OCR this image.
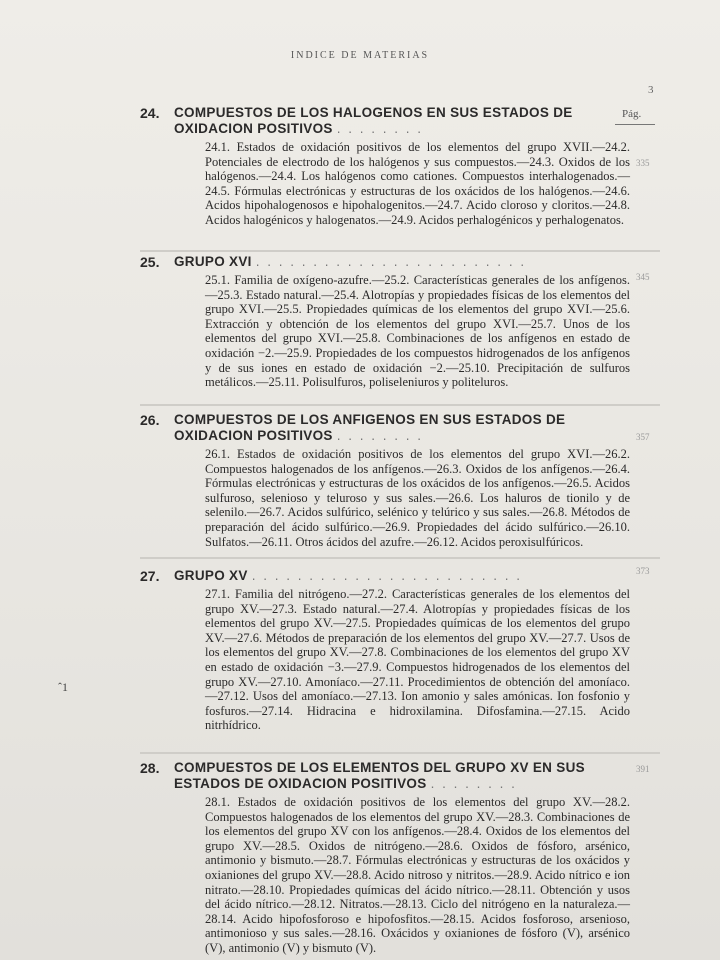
INDICE DE MATERIAS
3
Pág.
24. COMPUESTOS DE LOS HALOGENOS EN SUS ESTADOS DE OXIDACION POSITIVOS . . . . . . . .
24.1. Estados de oxidación positivos de los elementos del grupo XVII.—24.2. Potenciales de electrodo de los halógenos y sus compuestos.—24.3. Oxidos de los halógenos.—24.4. Los halógenos como cationes. Compuestos interhalogenados.—24.5. Fórmulas electrónicas y estructuras de los oxácidos de los halógenos.—24.6. Acidos hipohalogenosos e hipohalogenitos.—24.7. Acido cloroso y cloritos.—24.8. Acidos halogénicos y halogenatos.—24.9. Acidos perhalogénicos y perhalogenatos.
335
25. GRUPO XVI . . . . . . . . . . . . . . . . . . . . . . . .
25.1. Familia de oxígeno-azufre.—25.2. Características generales de los anfígenos.—25.3. Estado natural.—25.4. Alotropías y propiedades físicas de los elementos del grupo XVI.—25.5. Propiedades químicas de los elementos del grupo XVI.—25.6. Extracción y obtención de los elementos del grupo XVI.—25.7. Unos de los elementos del grupo XVI.—25.8. Combinaciones de los anfígenos en estado de oxidación −2.—25.9. Propiedades de los compuestos hidrogenados de los anfígenos y de sus iones en estado de oxidación −2.—25.10. Precipitación de sulfuros metálicos.—25.11. Polisulfuros, poliseleniuros y politeluros.
345
26. COMPUESTOS DE LOS ANFIGENOS EN SUS ESTADOS DE OXIDACION POSITIVOS . . . . . . . .
26.1. Estados de oxidación positivos de los elementos del grupo XVI.—26.2. Compuestos halogenados de los anfígenos.—26.3. Oxidos de los anfígenos.—26.4. Fórmulas electrónicas y estructuras de los oxácidos de los anfígenos.—26.5. Acidos sulfuroso, selenioso y teluroso y sus sales.—26.6. Los haluros de tionilo y de selenilo.—26.7. Acidos sulfúrico, selénico y telúrico y sus sales.—26.8. Métodos de preparación del ácido sulfúrico.—26.9. Propiedades del ácido sulfúrico.—26.10. Sulfatos.—26.11. Otros ácidos del azufre.—26.12. Acidos peroxisulfúricos.
357
27. GRUPO XV . . . . . . . . . . . . . . . . . . . . . . . .
27.1. Familia del nitrógeno.—27.2. Características generales de los elementos del grupo XV.—27.3. Estado natural.—27.4. Alotropías y propiedades físicas de los elementos del grupo XV.—27.5. Propiedades químicas de los elementos del grupo XV.—27.6. Métodos de preparación de los elementos del grupo XV.—27.7. Usos de los elementos del grupo XV.—27.8. Combinaciones de los elementos del grupo XV en estado de oxidación −3.—27.9. Compuestos hidrogenados de los elementos del grupo XV.—27.10. Amoníaco.—27.11. Procedimientos de obtención del amoníaco.—27.12. Usos del amoníaco.—27.13. Ion amonio y sales amónicas. Ion fosfonio y fosfuros.—27.14. Hidracina e hidroxilamina. Difosfamina.—27.15. Acido nitrhídrico.
373
28. COMPUESTOS DE LOS ELEMENTOS DEL GRUPO XV EN SUS ESTADOS DE OXIDACION POSITIVOS . . . . . . . .
28.1. Estados de oxidación positivos de los elementos del grupo XV.—28.2. Compuestos halogenados de los elementos del grupo XV.—28.3. Combinaciones de los elementos del grupo XV con los anfígenos.—28.4. Oxidos de los elementos del grupo XV.—28.5. Oxidos de nitrógeno.—28.6. Oxidos de fósforo, arsénico, antimonio y bismuto.—28.7. Fórmulas electrónicas y estructuras de los oxácidos y oxianiones del grupo XV.—28.8. Acido nitroso y nitritos.—28.9. Acido nítrico e ion nitrato.—28.10. Propiedades químicas del ácido nítrico.—28.11. Obtención y usos del ácido nítrico.—28.12. Nitratos.—28.13. Ciclo del nitrógeno en la naturaleza.—28.14. Acido hipofosforoso e hipofosfitos.—28.15. Acidos fosforoso, arsenioso, antimonioso y sus sales.—28.16. Oxácidos y oxianiones de fósforo (V), arsénico (V), antimonio (V) y bismuto (V).
391
ˆ1
